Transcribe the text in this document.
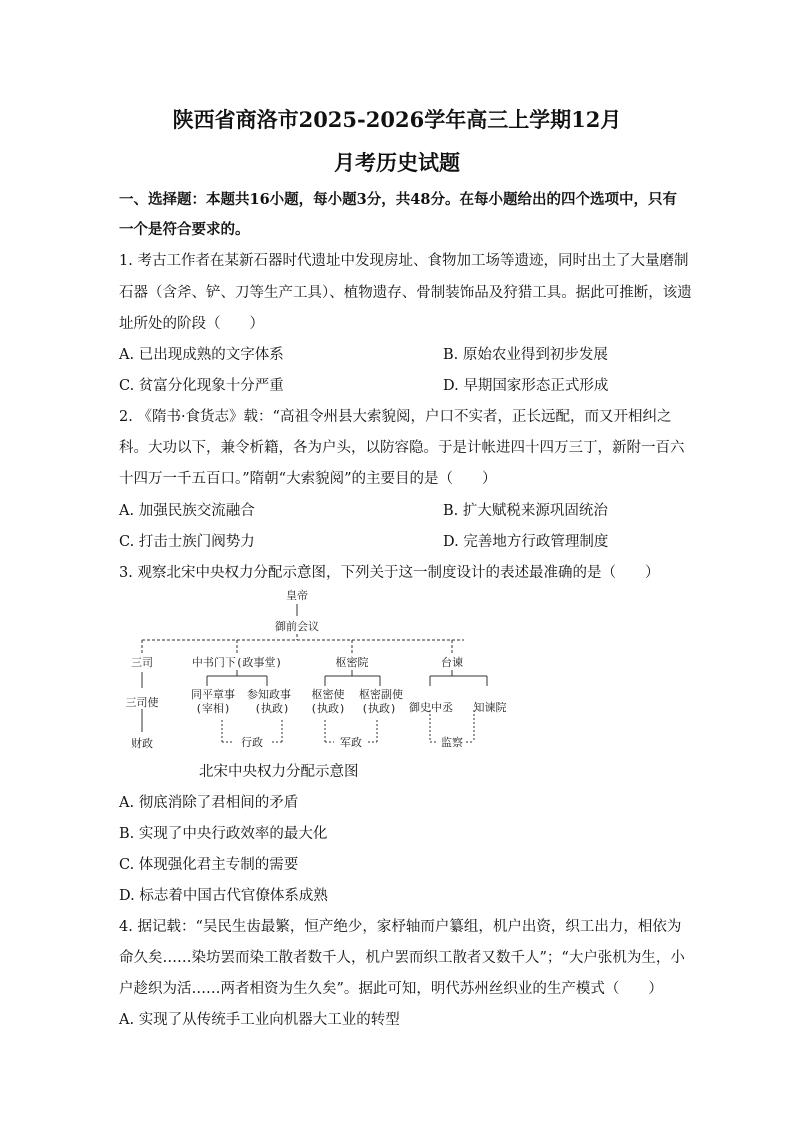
陕西省商洛市2025-2026学年高三上学期12月
月考历史试题
一、选择题：本题共16小题，每小题3分，共48分。在每小题给出的四个选项中，只有
一个是符合要求的。
1. 考古工作者在某新石器时代遗址中发现房址、食物加工场等遗迹，同时出土了大量磨制
石器（含斧、铲、刀等生产工具）、植物遗存、骨制装饰品及狩猎工具。据此可推断，该遗
址所处的阶段（　　）
A. 已出现成熟的文字体系	B. 原始农业得到初步发展
C. 贫富分化现象十分严重	D. 早期国家形态正式形成
2. 《隋书·食货志》载：“高祖令州县大索貌阅，户口不实者，正长远配，而又开相纠之
科。大功以下，兼令析籍，各为户头，以防容隐。于是计帐进四十四万三丁，新附一百六
十四万一千五百口。”隋朝“大索貌阅”的主要目的是（　　）
A. 加强民族交流融合	B. 扩大赋税来源巩固统治
C. 打击士族门阀势力	D. 完善地方行政管理制度
3. 观察北宋中央权力分配示意图，下列关于这一制度设计的表述最准确的是（　　）
皇帝
御前会议
三司	中书门下(政事堂)	枢密院	台谏
三司使
同平章事
(宰相)
参知政事
(执政)
枢密使
(执政)
枢密副使
(执政) 御史中丞 知谏院
财政	行政	军政	监察
北宋中央权力分配示意图
A. 彻底消除了君相间的矛盾
B. 实现了中央行政效率的最大化
C. 体现强化君主专制的需要
D. 标志着中国古代官僚体系成熟
4. 据记载：“吴民生齿最繁，恒产绝少，家杼轴而户纂组，机户出资，织工出力，相依为
命久矣……染坊罢而染工散者数千人，机户罢而织工散者又数千人”；“大户张机为生，小
户趁织为活……两者相资为生久矣”。据此可知，明代苏州丝织业的生产模式（　　）
A. 实现了从传统手工业向机器大工业的转型
